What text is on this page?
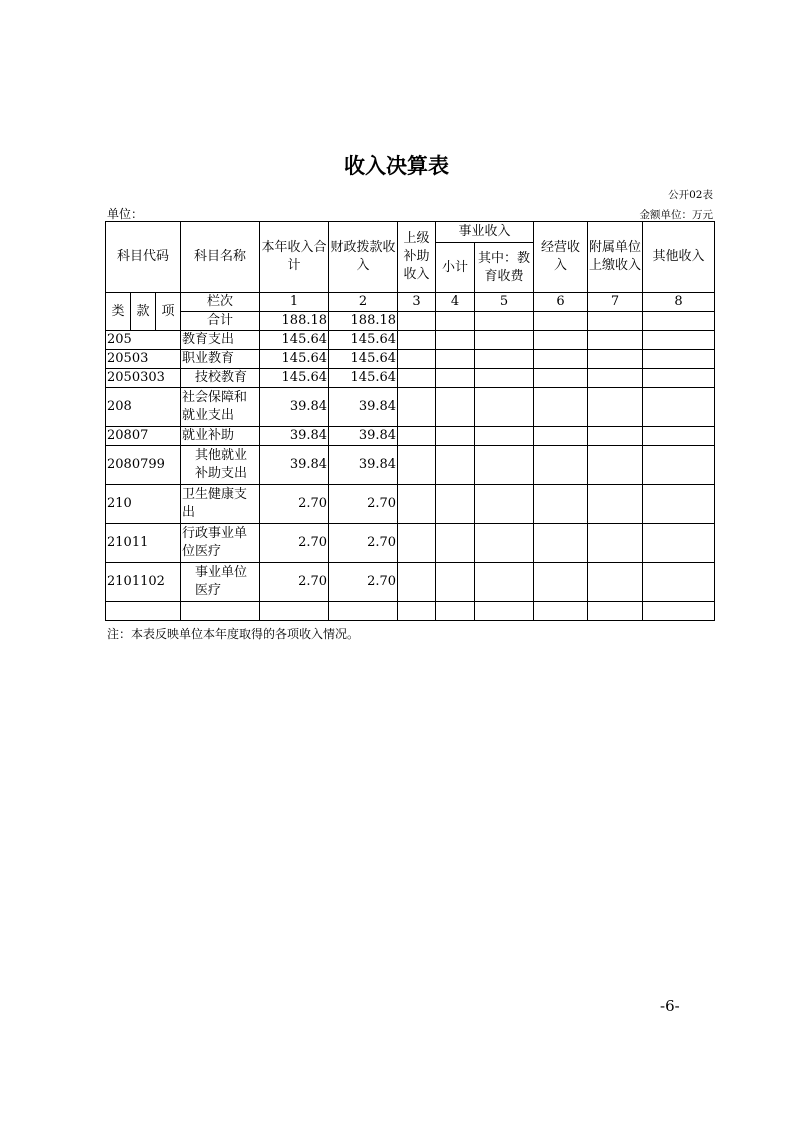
收入决算表
公开02表
单位：	金额单位：万元
科目代码			科目名称	本年收入合计	财政拨款收入	上级补助收入	事业收入		经营收入	附属单位上缴收入	其他收入
							小计	其中：教育收费			
类	款	项	栏次	1	2	3	4	5	6	7	8
			合计	188.18	188.18						
205			教育支出	145.64	145.64						
20503			职业教育	145.64	145.64						
2050303			技校教育	145.64	145.64						
208			社会保障和就业支出	39.84	39.84						
20807			就业补助	39.84	39.84						
2080799			其他就业补助支出	39.84	39.84						
210			卫生健康支出	2.70	2.70						
21011			行政事业单位医疗	2.70	2.70						
2101102			事业单位医疗	2.70	2.70						

注：本表反映单位本年度取得的各项收入情况。
-6-
